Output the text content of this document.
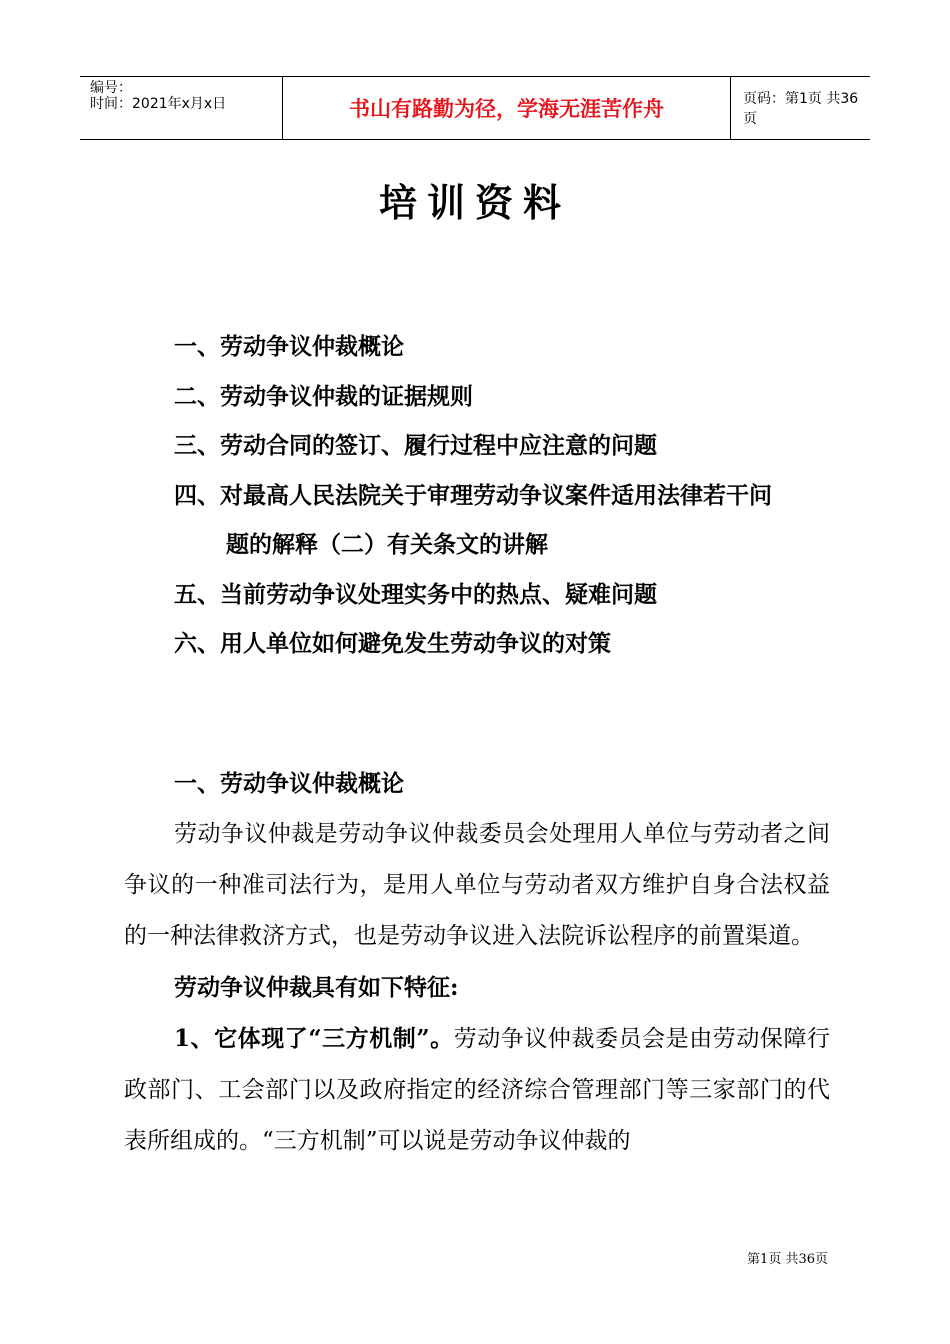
编号：
时间：2021年x月x日	书山有路勤为径，学海无涯苦作舟	页码：第1页 共36页
培训资料
一、劳动争议仲裁概论
二、劳动争议仲裁的证据规则
三、劳动合同的签订、履行过程中应注意的问题
四、对最高人民法院关于审理劳动争议案件适用法律若干问
题的解释（二）有关条文的讲解
五、当前劳动争议处理实务中的热点、疑难问题
六、用人单位如何避免发生劳动争议的对策
一、劳动争议仲裁概论
劳动争议仲裁是劳动争议仲裁委员会处理用人单位与劳动者之间争议的一种准司法行为，是用人单位与劳动者双方维护自身合法权益的一种法律救济方式，也是劳动争议进入法院诉讼程序的前置渠道。
劳动争议仲裁具有如下特征:
1、它体现了“三方机制”。劳动争议仲裁委员会是由劳动保障行政部门、工会部门以及政府指定的经济综合管理部门等三家部门的代表所组成的。“三方机制”可以说是劳动争议仲裁的
第1页 共36页
